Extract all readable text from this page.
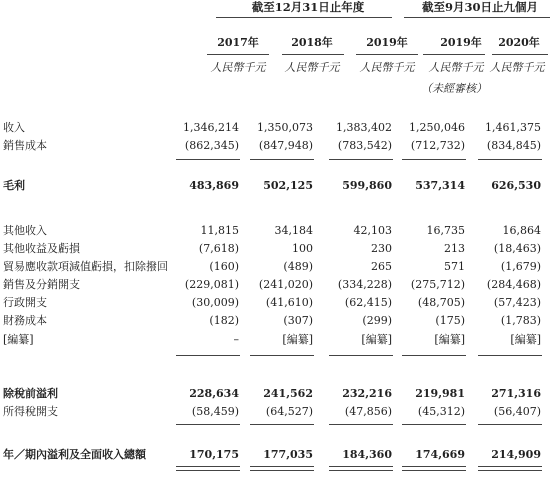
截至12月31日止年度	截至9月30日止九個月
2017年	2018年	2019年	2019年	2020年
人民幣千元	人民幣千元	人民幣千元	人民幣千元 人民幣千元
（未經審核）
收入	1,346,214	1,350,073	1,383,402	1,250,046	1,461,375
銷售成本	(862,345)	(847,948)	(783,542)	(712,732)	(834,845)
毛利	483,869	502,125	599,860	537,314	626,530
其他收入	11,815	34,184	42,103	16,735	16,864
其他收益及虧損	(7,618)	100	230	213	(18,463)
貿易應收款項減值虧損，扣除撥回	(160)	(489)	265	571	(1,679)
銷售及分銷開支	(229,081)	(241,020)	(334,228)	(275,712)	(284,468)
行政開支	(30,009)	(41,610)	(62,415)	(48,705)	(57,423)
財務成本	(182)	(307)	(299)	(175)	(1,783)
[編纂]	–	[編纂]	[編纂]	[編纂]	[編纂]
除稅前溢利	228,634	241,562	232,216	219,981	271,316
所得稅開支	(58,459)	(64,527)	(47,856)	(45,312)	(56,407)
年／期內溢利及全面收入總額	170,175	177,035	184,360	174,669	214,909
